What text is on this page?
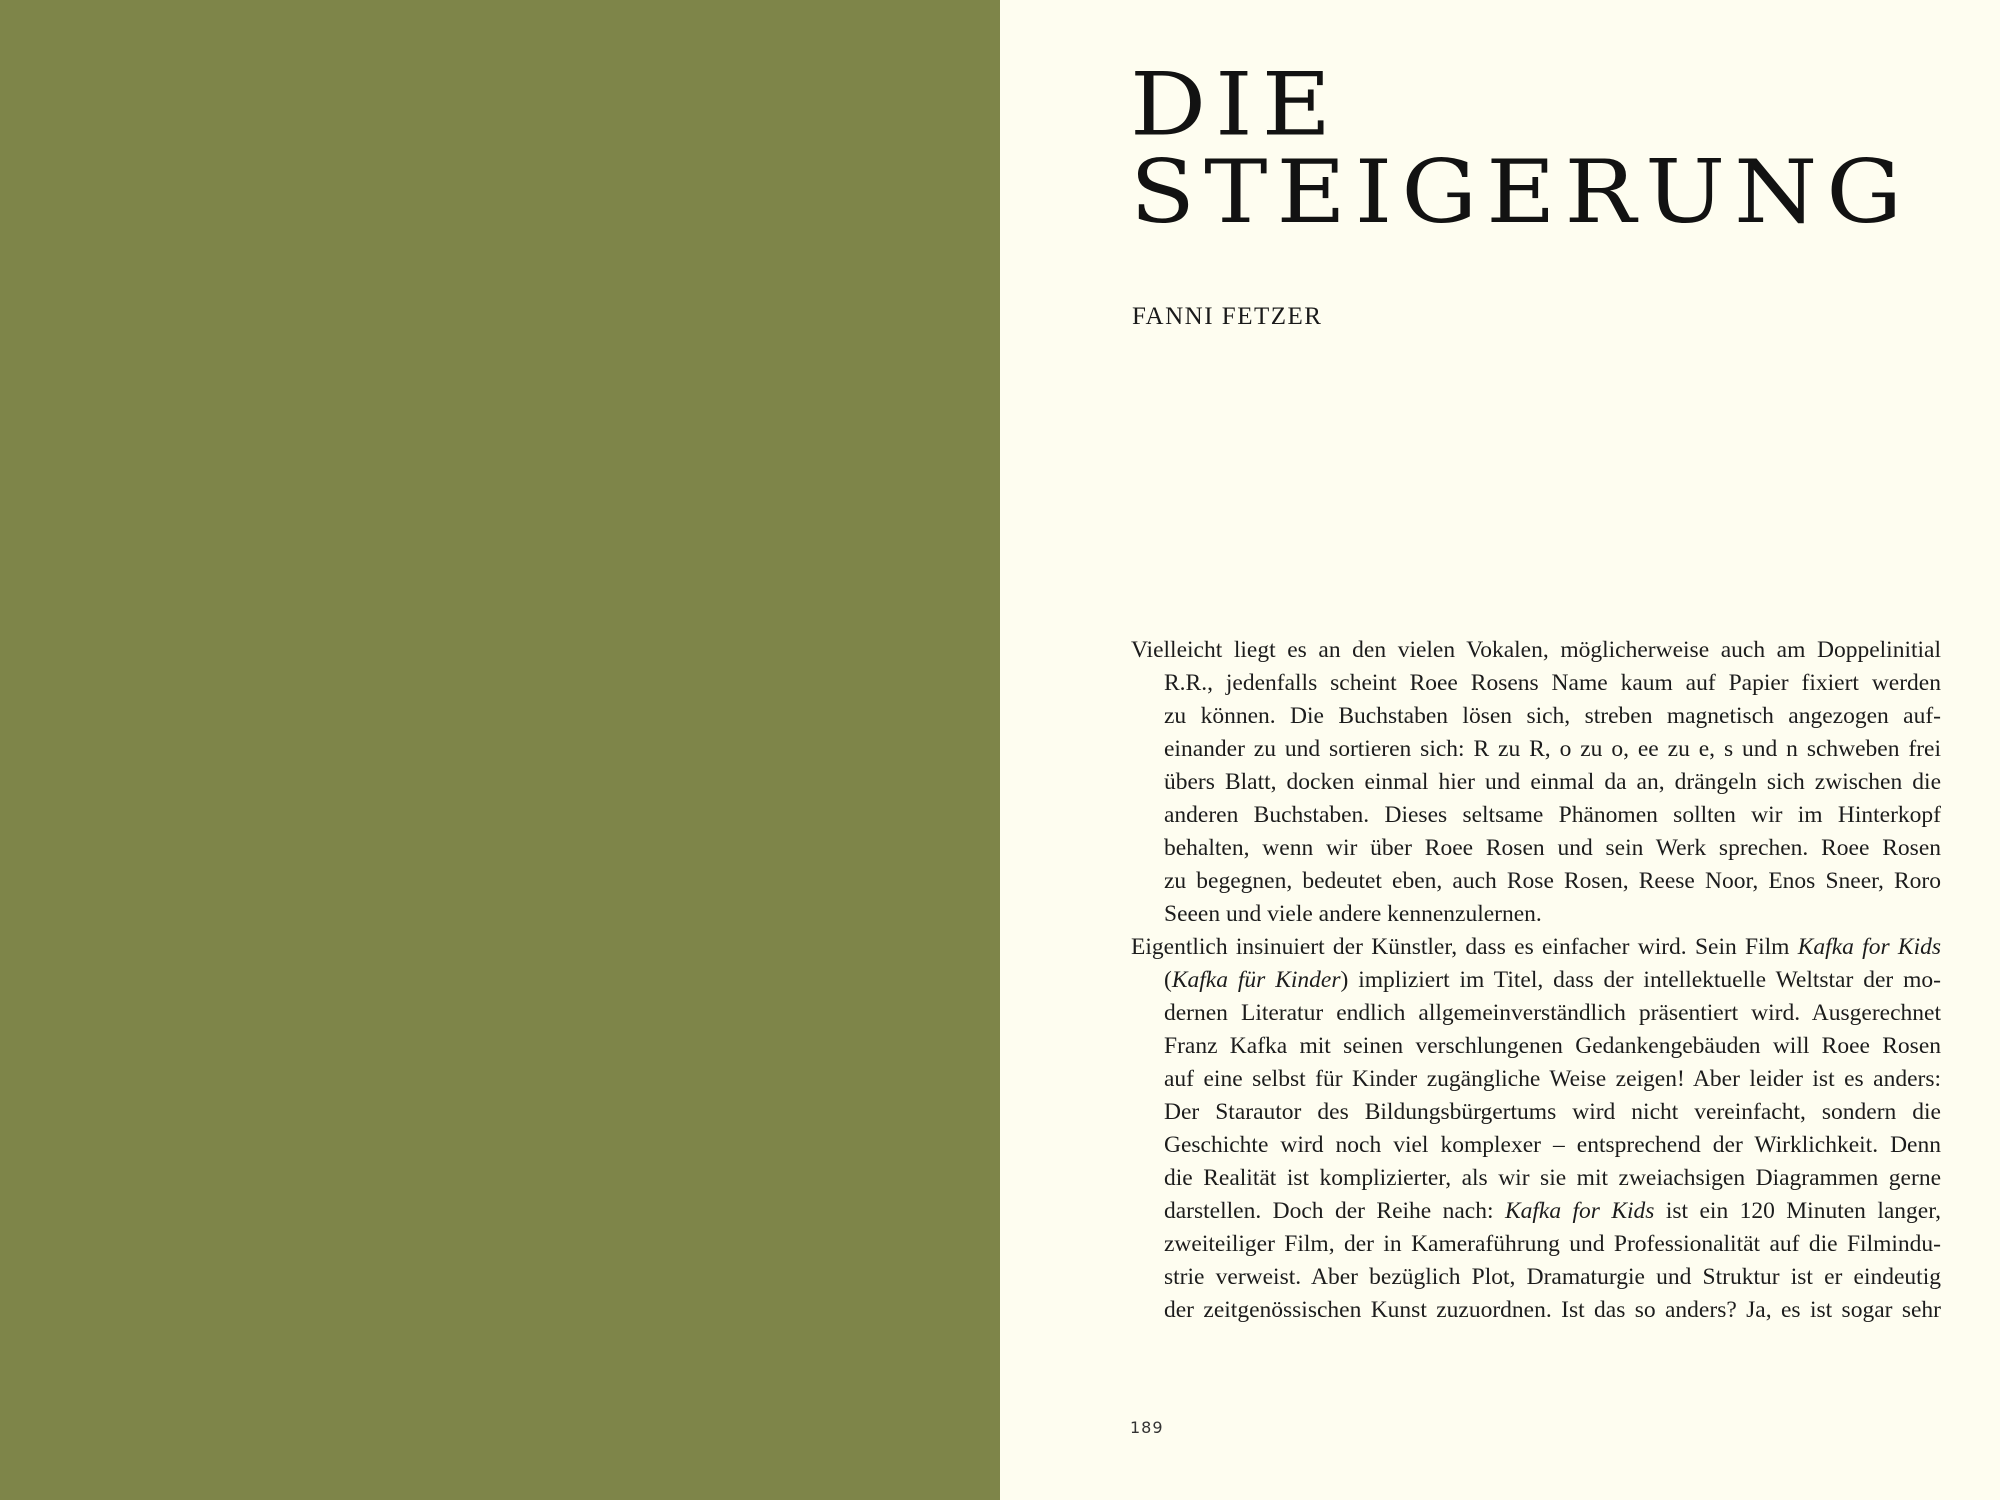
DIE
STEIGERUNG
FANNI FETZER
Vielleicht liegt es an den vielen Vokalen, möglicherweise auch am Doppelinitial
R.R., jedenfalls scheint Roee Rosens Name kaum auf Papier fixiert werden
zu können. Die Buchstaben lösen sich, streben magnetisch angezogen auf-
einander zu und sortieren sich: R zu R, o zu o, ee zu e, s und n schweben frei
übers Blatt, docken einmal hier und einmal da an, drängeln sich zwischen die
anderen Buchstaben. Dieses seltsame Phänomen sollten wir im Hinterkopf
behalten, wenn wir über Roee Rosen und sein Werk sprechen. Roee Rosen
zu begegnen, bedeutet eben, auch Rose Rosen, Reese Noor, Enos Sneer, Roro
Seeen und viele andere kennenzulernen.
Eigentlich insinuiert der Künstler, dass es einfacher wird. Sein Film Kafka for Kids
(Kafka für Kinder) impliziert im Titel, dass der intellektuelle Weltstar der mo-
dernen Literatur endlich allgemeinverständlich präsentiert wird. Ausgerechnet
Franz Kafka mit seinen verschlungenen Gedankengebäuden will Roee Rosen
auf eine selbst für Kinder zugängliche Weise zeigen! Aber leider ist es anders:
Der Starautor des Bildungsbürgertums wird nicht vereinfacht, sondern die
Geschichte wird noch viel komplexer – entsprechend der Wirklichkeit. Denn
die Realität ist komplizierter, als wir sie mit zweiachsigen Diagrammen gerne
darstellen. Doch der Reihe nach: Kafka for Kids ist ein 120 Minuten langer,
zweiteiliger Film, der in Kameraführung und Professionalität auf die Filmindu-
strie verweist. Aber bezüglich Plot, Dramaturgie und Struktur ist er eindeutig
der zeitgenössischen Kunst zuzuordnen. Ist das so anders? Ja, es ist sogar sehr
189
